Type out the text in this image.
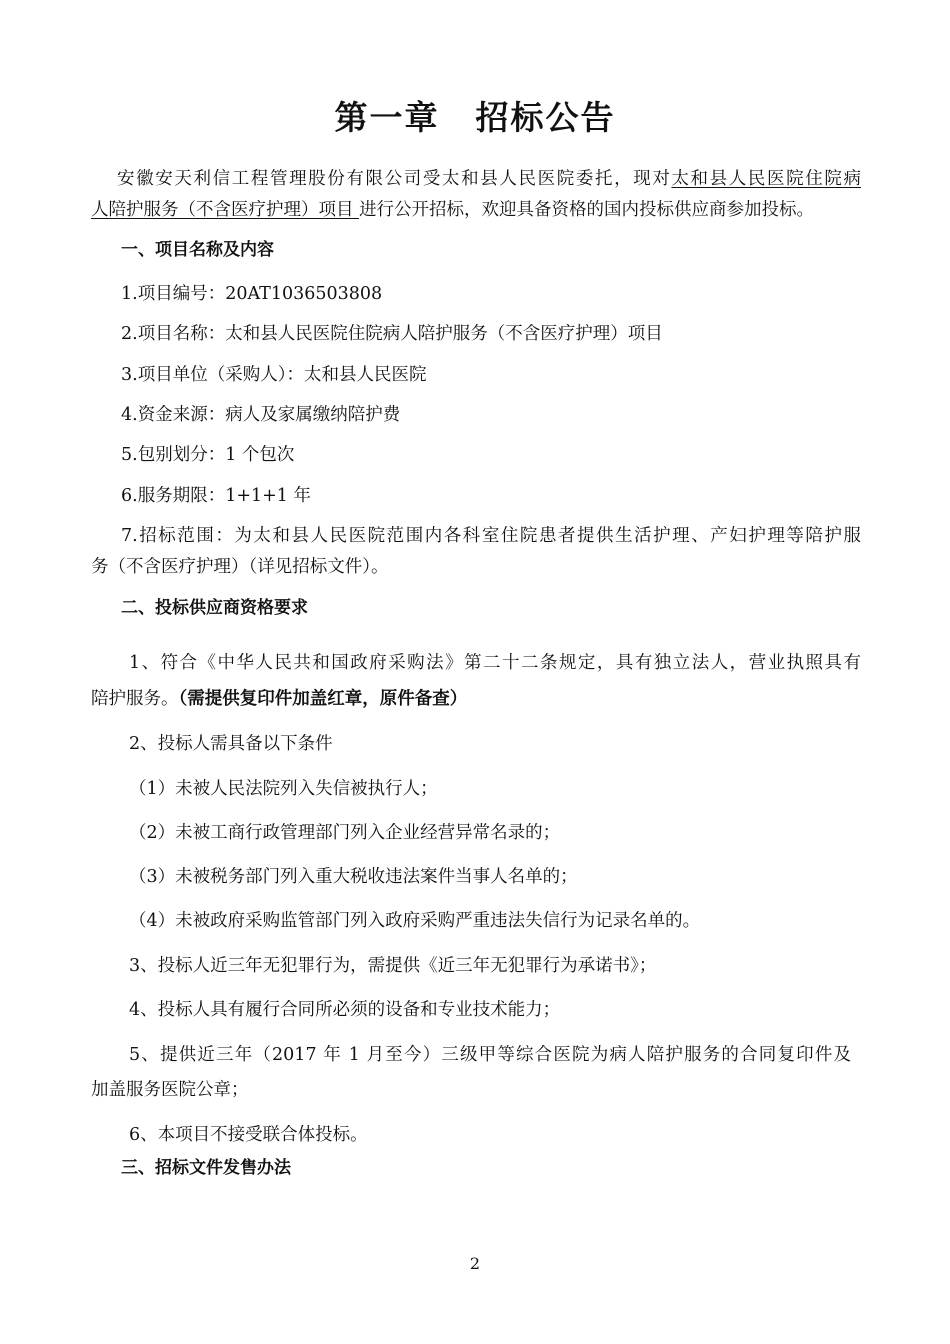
第一章 招标公告
安徽安天利信工程管理股份有限公司受太和县人民医院委托，现对太和县人民医院住院病
人陪护服务（不含医疗护理）项目 进行公开招标，欢迎具备资格的国内投标供应商参加投标。
一、项目名称及内容
1.项目编号：20AT1036503808
2.项目名称：太和县人民医院住院病人陪护服务（不含医疗护理）项目
3.项目单位（采购人）：太和县人民医院
4.资金来源：病人及家属缴纳陪护费
5.包别划分：1 个包次
6.服务期限：1+1+1 年
7.招标范围：为太和县人民医院范围内各科室住院患者提供生活护理、产妇护理等陪护服
务（不含医疗护理）（详见招标文件）。
二、投标供应商资格要求
1、符合《中华人民共和国政府采购法》第二十二条规定，具有独立法人，营业执照具有
陪护服务。（需提供复印件加盖红章，原件备查）
2、投标人需具备以下条件
（1）未被人民法院列入失信被执行人；
（2）未被工商行政管理部门列入企业经营异常名录的；
（3）未被税务部门列入重大税收违法案件当事人名单的；
（4）未被政府采购监管部门列入政府采购严重违法失信行为记录名单的。
3、投标人近三年无犯罪行为，需提供《近三年无犯罪行为承诺书》；
4、投标人具有履行合同所必须的设备和专业技术能力；
5、提供近三年（2017 年 1 月至今）三级甲等综合医院为病人陪护服务的合同复印件及
加盖服务医院公章；
6、本项目不接受联合体投标。
三、招标文件发售办法
2
